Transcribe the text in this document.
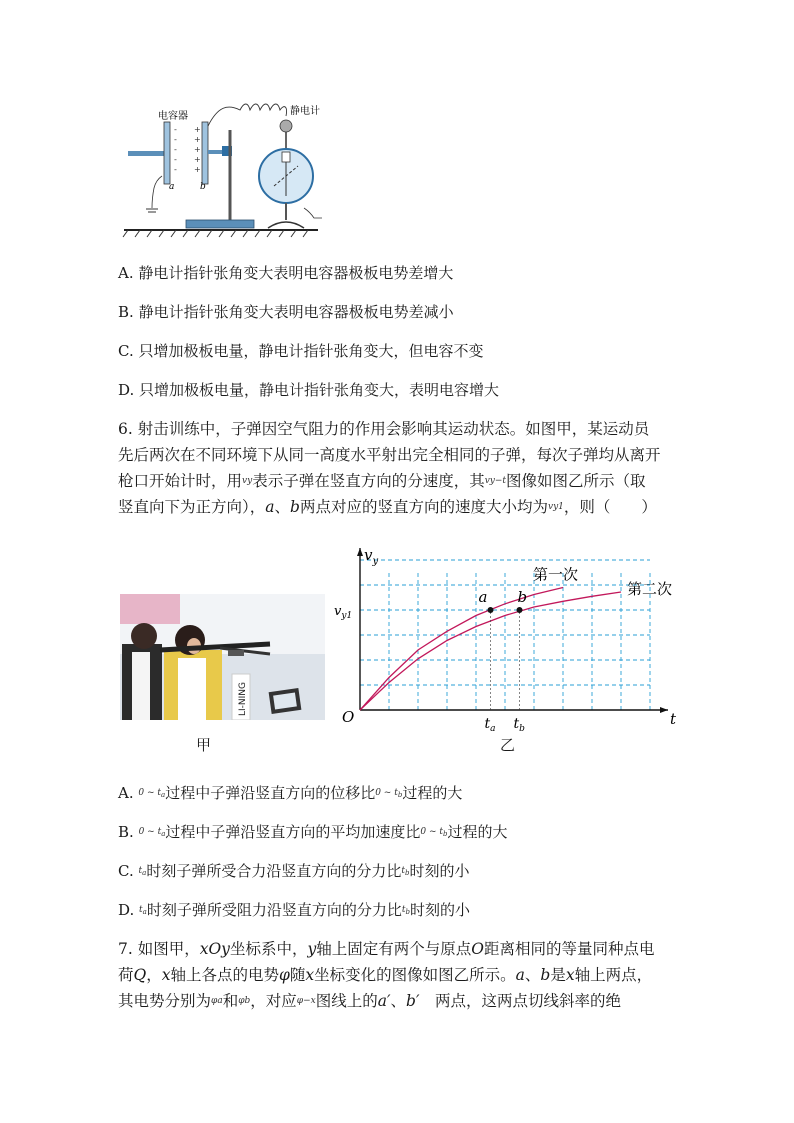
-
-
-
-
-
+
+
+
+
+
电容器	静电计
a	b
A. 静电计指针张角变大表明电容器极板电势差增大
B. 静电计指针张角变大表明电容器极板电势差减小
C. 只增加极板电量，静电计指针张角变大，但电容不变
D. 只增加极板电量，静电计指针张角变大，表明电容增大
6. 射击训练中，子弹因空气阻力的作用会影响其运动状态。如图甲，某运动员
先后两次在不同环境下从同一高度水平射出完全相同的子弹，每次子弹均从离开
枪口开始计时，用vy表示子弹在竖直方向的分速度，其vy−t图像如图乙所示（取
竖直向下为正方向），a、b两点对应的竖直方向的速度大小均为vy1，则（　　）
LI-NING
甲
t
$v_y$
O
$v_{y1}$
第一次
第二次
a
$t_a$
b
$t_b$
乙
A. $^{0 \sim}$ $^t$a过程中子弹沿竖直方向的位移比$^{0 \sim}$ $^t$b过程的大
B. $^{0 \sim}$ $^t$a过程中子弹沿竖直方向的平均加速度比$^{0 \sim}$ $^t$b过程的大
C. $^t$a时刻子弹所受合力沿竖直方向的分力比$^t$b时刻的小
D. $^t$a时刻子弹所受阻力沿竖直方向的分力比$^t$b时刻的小
7. 如图甲，xOy坐标系中，y轴上固定有两个与原点O距离相同的等量同种点电
荷Q，x轴上各点的电势φ随x坐标变化的图像如图乙所示。a、b是x轴上两点，
其电势分别为φa和φb，对应φ−x图线上的a′、b′　两点，这两点切线斜率的绝
